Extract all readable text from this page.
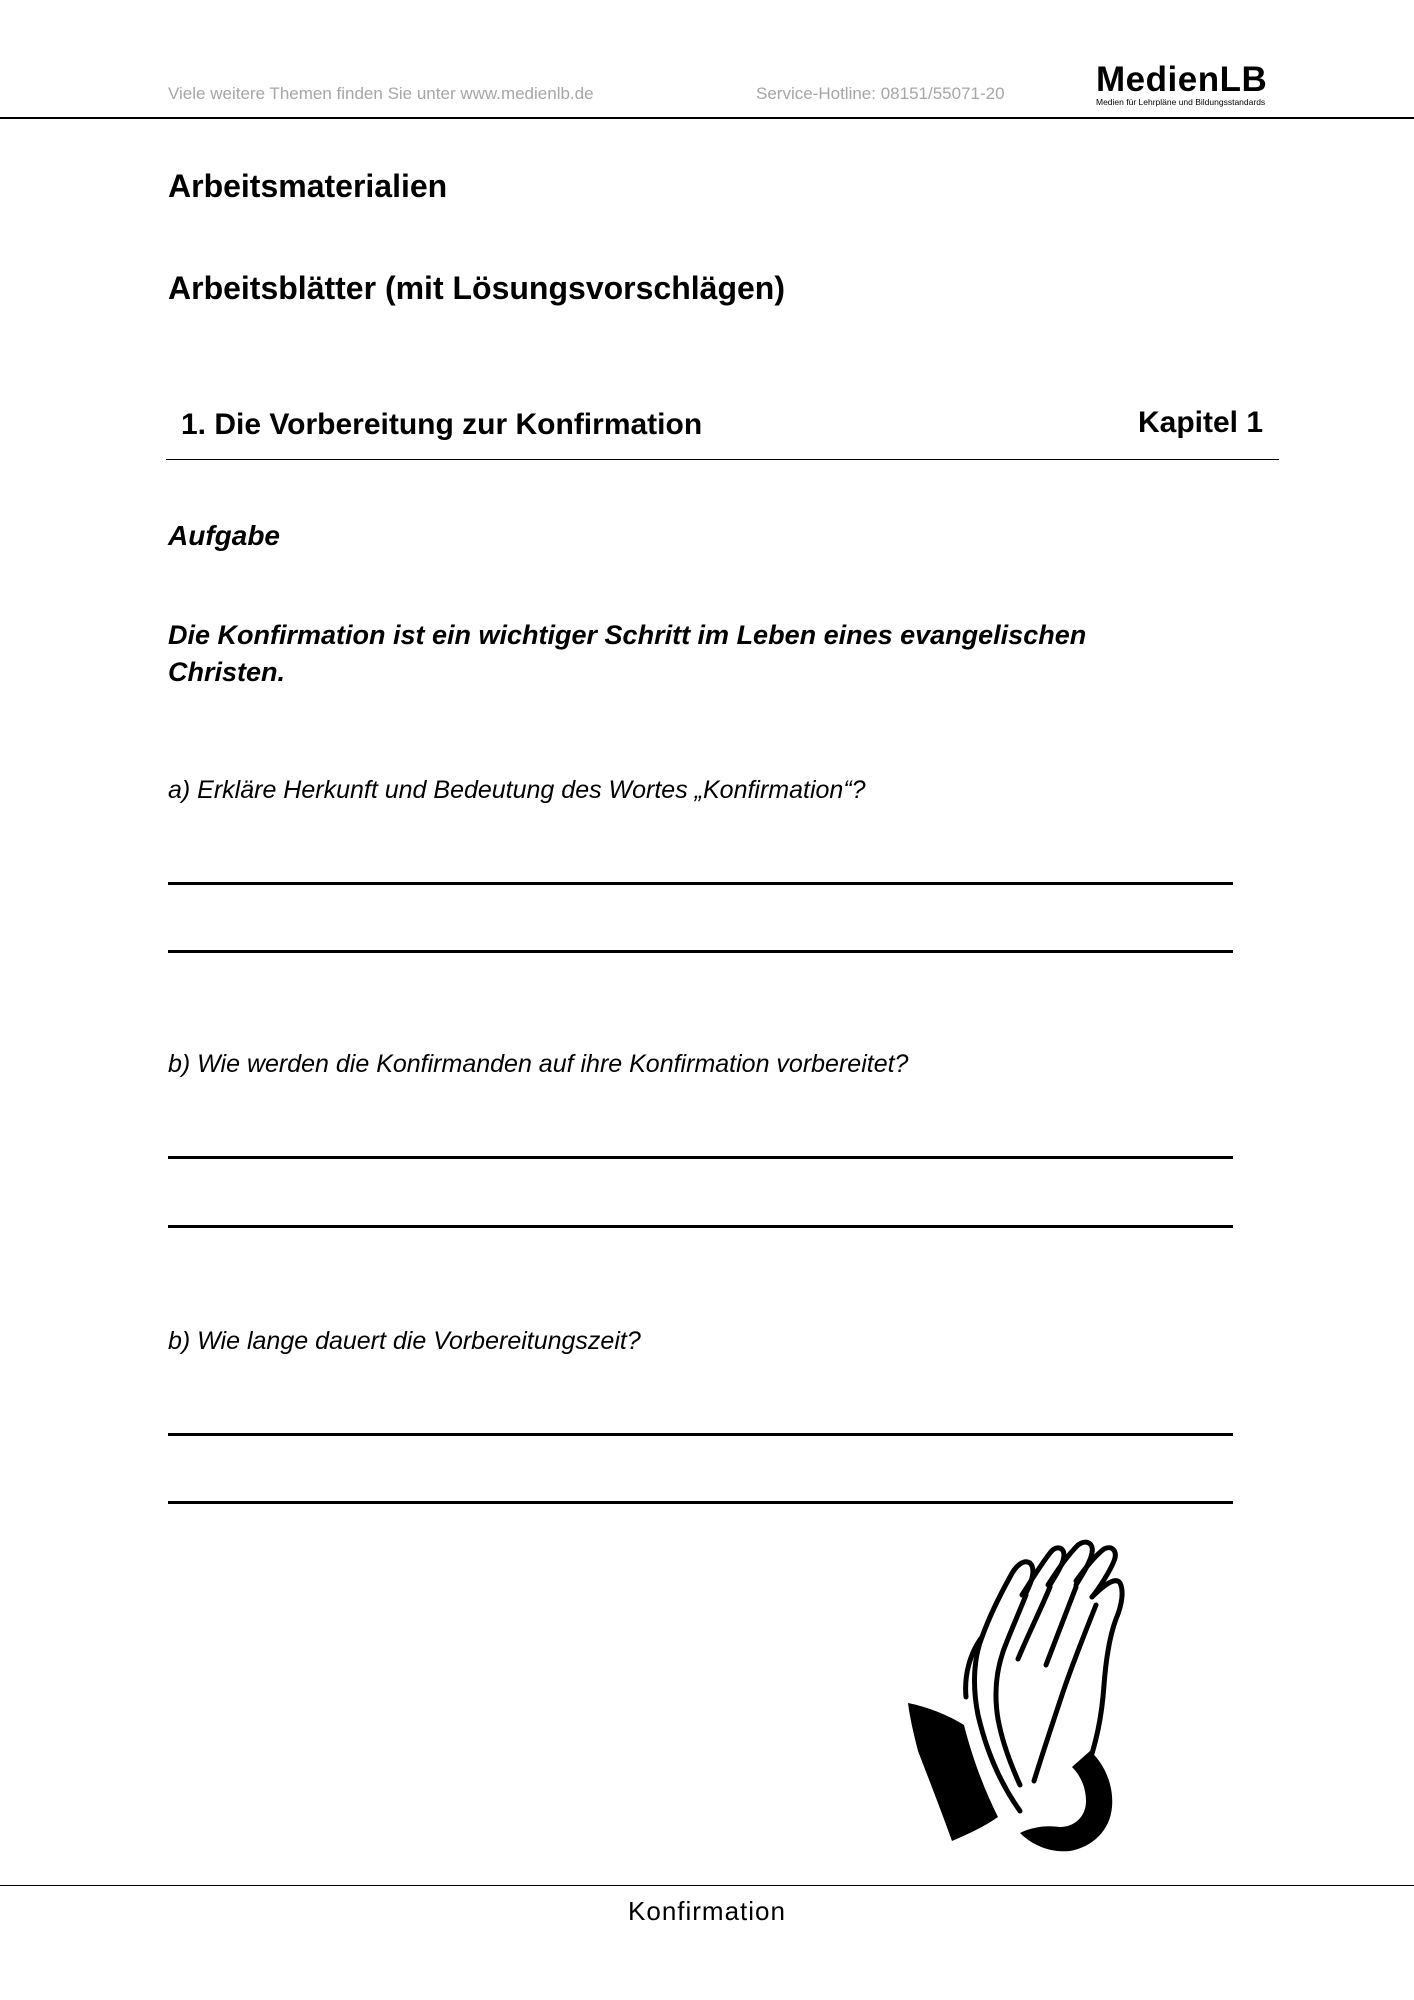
Viele weitere Themen finden Sie unter www.medienlb.de	Service-Hotline: 08151/55071-20	MedienLB
Medien für Lehrpläne und Bildungsstandards
Arbeitsmaterialien
Arbeitsblätter (mit Lösungsvorschlägen)
1. Die Vorbereitung zur Konfirmation	Kapitel 1
Aufgabe
Die Konfirmation ist ein wichtiger Schritt im Leben eines evangelischen Christen.
a) Erkläre Herkunft und Bedeutung des Wortes „Konfirmation“?
b) Wie werden die Konfirmanden auf ihre Konfirmation vorbereitet?
b) Wie lange dauert die Vorbereitungszeit?
Konfirmation
